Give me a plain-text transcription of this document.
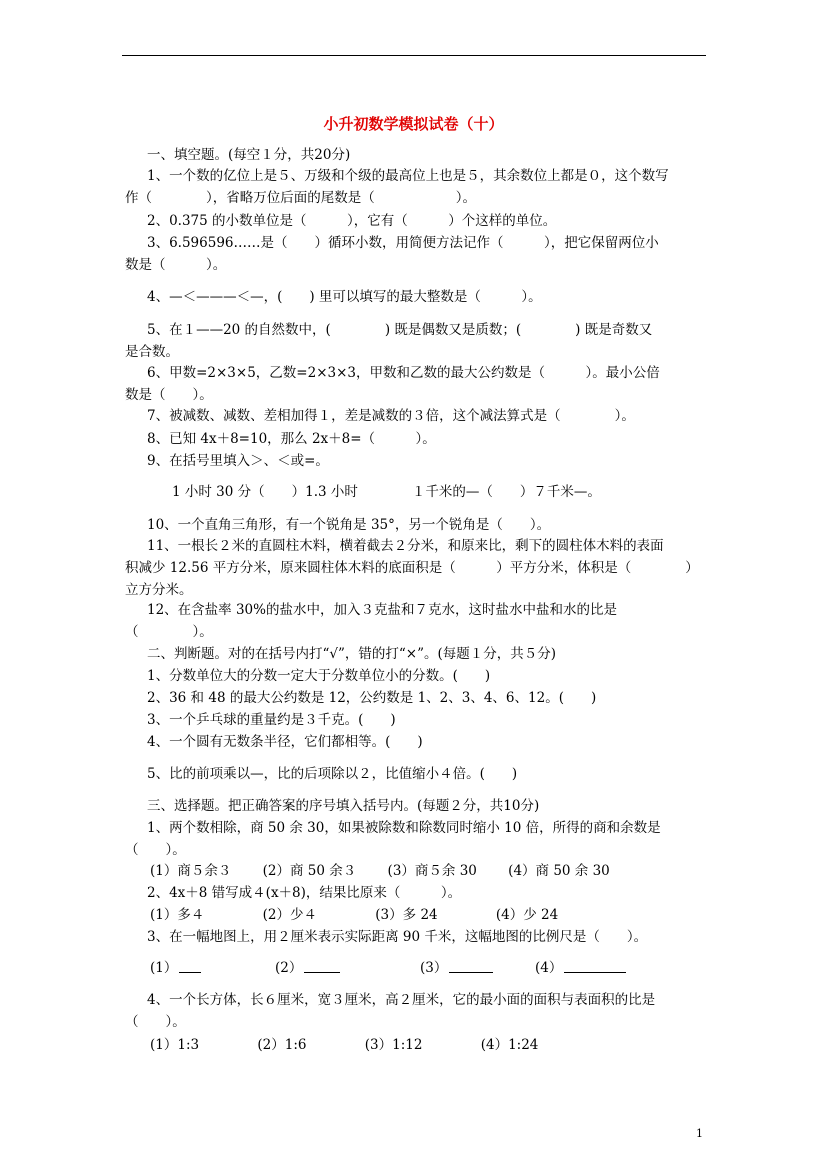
小升初数学模拟试卷（十）
一、填空题。(每空１分，共20分)
1、一个数的亿位上是５、万级和个级的最高位上也是５，其余数位上都是０，这个数写
作（　　　　），省略万位后面的尾数是（　　　　　　）。
2、0.375 的小数单位是（　　　），它有（　　　）个这样的单位。
3、6.596596……是（　　）循环小数，用简便方法记作（　　　），把它保留两位小
数是（　　　）。
4、—＜———＜—，(　　) 里可以填写的最大整数是（　　　）。
5、在１——20 的自然数中，(　　　　) 既是偶数又是质数；(　　　　) 既是奇数又
是合数。
6、甲数=2×3×5，乙数=2×3×3，甲数和乙数的最大公约数是（　　　）。最小公倍
数是（　　）。
7、被减数、减数、差相加得１，差是减数的３倍，这个减法算式是（　　　　）。
8、已知 4x＋8=10，那么 2x＋8=（　　　）。
9、在括号里填入＞、＜或=。
1 小时 30 分（　　）1.3 小时　　　　１千米的—（　　）７千米—。
10、一个直角三角形，有一个锐角是 35°，另一个锐角是（　　）。
11、一根长２米的直圆柱木料，横着截去２分米，和原来比，剩下的圆柱体木料的表面
积减少 12.56 平方分米，原来圆柱体木料的底面积是（　　　）平方分米，体积是（　　　　）
立方分米。
12、在含盐率 30%的盐水中，加入３克盐和７克水，这时盐水中盐和水的比是
（　　　　）。
二、判断题。对的在括号内打“√”，错的打“×”。(每题１分，共５分)
1、分数单位大的分数一定大于分数单位小的分数。(　　)
2、36 和 48 的最大公约数是 12，公约数是 1、2、3、4、6、12。(　　)
3、一个乒乓球的重量约是３千克。(　　)
4、一个圆有无数条半径，它们都相等。(　　)
5、比的前项乘以—，比的后项除以２，比值缩小４倍。(　　)
三、选择题。把正确答案的序号填入括号内。(每题２分，共10分)
1、两个数相除，商 50 余 30，如果被除数和除数同时缩小 10 倍，所得的商和余数是
（　　）。
(1）商５余３　　 (2）商 50 余３　　 (3）商５余 30　　 (4）商 50 余 30
2、4x＋8 错写成４(x＋8)，结果比原来（　　　）。
(1）多４　　　　 (2）少４　　　　 (3）多 24　　　　 (4）少 24
3、在一幅地图上，用２厘米表示实际距离 90 千米，这幅地图的比例尺是（　　）。
4、一个长方体，长６厘米，宽３厘米，高２厘米，它的最小面的面积与表面积的比是
（　　）。
(1）1:3　　　　 (2）1:6　　　　 (3）1:12　　　　 (4）1:24
(1）	(2）	(3）	(4）
1
